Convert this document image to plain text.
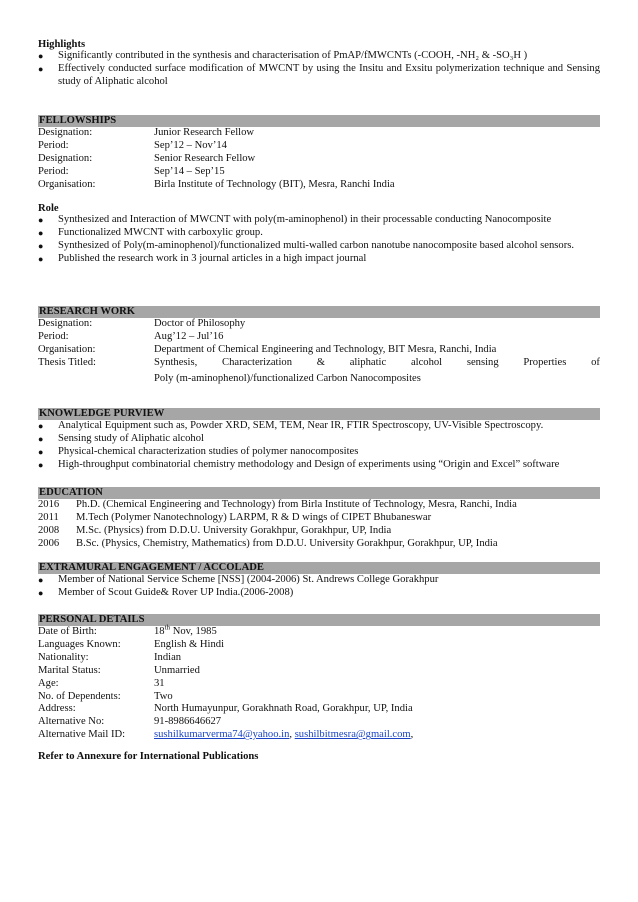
Highlights
● Significantly contributed in the synthesis and characterisation of PmAP/fMWCNTs (-COOH, -NH₂ & -SO₃H )
● Effectively conducted surface modification of MWCNT by using the Insitu and Exsitu polymerization technique and Sensing study of Aliphatic alcohol
FELLOWSHIPS
Designation:	Junior Research Fellow
Period:	Sep’12 – Nov’14
Designation:	Senior Research Fellow
Period:	Sep’14 – Sep’15
Organisation:	Birla Institute of Technology (BIT), Mesra, Ranchi India
Role
● Synthesized and Interaction of MWCNT with poly(m-aminophenol) in their processable conducting Nanocomposite
● Functionalized MWCNT with carboxylic group.
● Synthesized of Poly(m-aminophenol)/functionalized multi-walled carbon nanotube nanocomposite based alcohol sensors.
● Published the research work in 3 journal articles in a high impact journal
RESEARCH WORK
Designation:	Doctor of Philosophy
Period:	Aug’12 – Jul’16
Organisation:	Department of Chemical Engineering and Technology, BIT Mesra, Ranchi, India
Thesis Titled:	Synthesis, Characterization & aliphatic alcohol sensing Properties of
Poly (m-aminophenol)/functionalized Carbon Nanocomposites
KNOWLEDGE PURVIEW
● Analytical Equipment such as, Powder XRD, SEM, TEM, Near IR, FTIR Spectroscopy, UV-Visible Spectroscopy.
● Sensing study of Aliphatic alcohol
● Physical-chemical characterization studies of polymer nanocomposites
● High-throughput combinatorial chemistry methodology and Design of experiments using “Origin and Excel” software
EDUCATION
2016	Ph.D. (Chemical Engineering and Technology) from Birla Institute of Technology, Mesra, Ranchi, India
2011	M.Tech (Polymer Nanotechnology) LARPM, R & D wings of CIPET Bhubaneswar
2008	M.Sc. (Physics) from D.D.U. University Gorakhpur, Gorakhpur, UP, India
2006	B.Sc. (Physics, Chemistry, Mathematics) from D.D.U. University Gorakhpur, Gorakhpur, UP, India
EXTRAMURAL ENGAGEMENT / ACCOLADE
● Member of National Service Scheme [NSS] (2004-2006) St. Andrews College Gorakhpur
● Member of Scout Guide& Rover UP India.(2006-2008)
PERSONAL DETAILS
Date of Birth:	18th Nov, 1985
Languages Known:	English & Hindi
Nationality:	Indian
Marital Status:	Unmarried
Age:	31
No. of Dependents:	Two
Address:	North Humayunpur, Gorakhnath Road, Gorakhpur, UP, India
Alternative No:	91-8986646627
Alternative Mail ID:	sushilkumarverma74@yahoo.in, sushilbitmesra@gmail.com,
Refer to Annexure for International Publications
